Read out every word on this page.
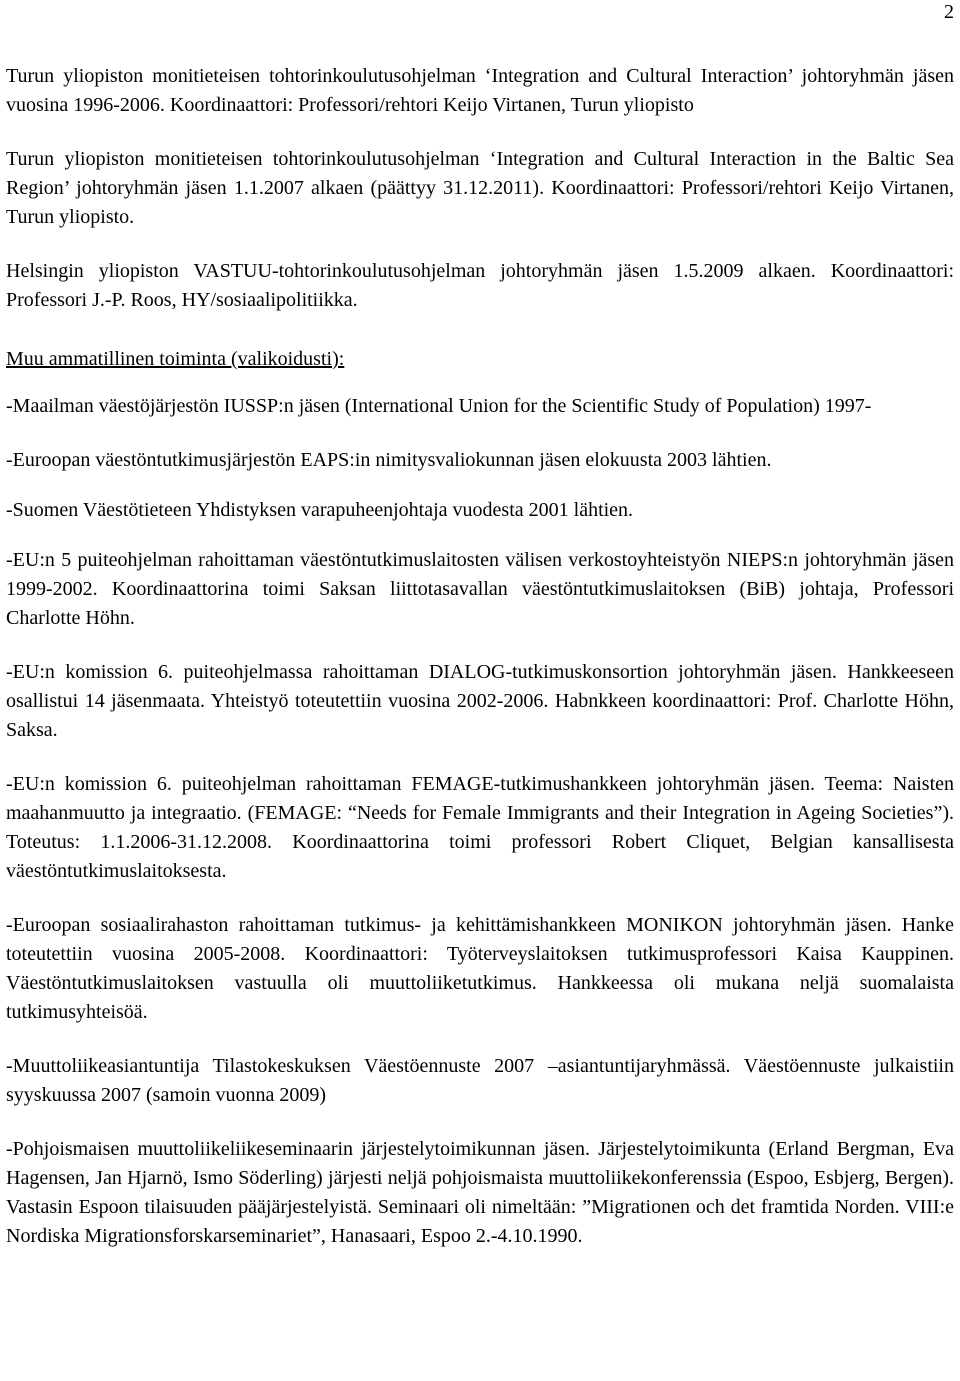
2

Turun yliopiston monitieteisen tohtorinkoulutusohjelman ‘Integration and Cultural Interaction’ johtoryhmän jäsen vuosina 1996-2006. Koordinaattori: Professori/rehtori Keijo Virtanen, Turun yliopisto

Turun yliopiston monitieteisen tohtorinkoulutusohjelman ‘Integration and Cultural Interaction in the Baltic Sea Region’ johtoryhmän jäsen 1.1.2007 alkaen (päättyy 31.12.2011). Koordinaattori: Professori/rehtori Keijo Virtanen, Turun yliopisto.

Helsingin yliopiston VASTUU-tohtorinkoulutusohjelman johtoryhmän jäsen 1.5.2009 alkaen. Koordinaattori: Professori J.-P. Roos, HY/sosiaalipolitiikka.

Muu ammatillinen toiminta (valikoidusti):

-Maailman väestöjärjestön IUSSP:n jäsen (International Union for the Scientific Study of Population) 1997-

-Euroopan väestöntutkimusjärjestön EAPS:in nimitysvaliokunnan jäsen elokuusta 2003 lähtien.

-Suomen Väestötieteen Yhdistyksen varapuheenjohtaja vuodesta 2001 lähtien.

-EU:n 5 puiteohjelman rahoittaman väestöntutkimuslaitosten välisen verkostoyhteistyön NIEPS:n johtoryhmän jäsen 1999-2002. Koordinaattorina toimi Saksan liittotasavallan väestöntutkimuslaitoksen (BiB) johtaja, Professori Charlotte Höhn.

-EU:n komission 6. puiteohjelmassa rahoittaman DIALOG-tutkimuskonsortion johtoryhmän jäsen. Hankkeeseen osallistui 14 jäsenmaata. Yhteistyö toteutettiin vuosina 2002-2006. Habnkkeen koordinaattori: Prof. Charlotte Höhn, Saksa.

-EU:n komission 6. puiteohjelman rahoittaman FEMAGE-tutkimushankkeen johtoryhmän jäsen. Teema: Naisten maahanmuutto ja integraatio. (FEMAGE: “Needs for Female Immigrants and their Integration in Ageing Societies”). Toteutus: 1.1.2006-31.12.2008. Koordinaattorina toimi professori Robert Cliquet, Belgian kansallisesta väestöntutkimuslaitoksesta.

-Euroopan sosiaalirahaston rahoittaman tutkimus- ja kehittämishankkeen MONIKON johtoryhmän jäsen. Hanke toteutettiin vuosina 2005-2008. Koordinaattori: Työterveyslaitoksen tutkimusprofessori Kaisa Kauppinen. Väestöntutkimuslaitoksen vastuulla oli muuttoliiketutkimus. Hankkeessa oli mukana neljä suomalaista tutkimusyhteisöä.

-Muuttoliikeasiantuntija Tilastokeskuksen Väestöennuste 2007 –asiantuntijaryhmässä. Väestöennuste julkaistiin syyskuussa 2007 (samoin vuonna 2009)

-Pohjoismaisen muuttoliikeliikeseminaarin järjestelytoimikunnan jäsen. Järjestelytoimikunta (Erland Bergman, Eva Hagensen, Jan Hjarnö, Ismo Söderling) järjesti neljä pohjoismaista muuttoliikekonferenssia (Espoo, Esbjerg, Bergen). Vastasin Espoon tilaisuuden pääjärjestelyistä. Seminaari oli nimeltään: ”Migrationen och det framtida Norden. VIII:e Nordiska Migrationsforskarseminariet”, Hanasaari, Espoo 2.-4.10.1990.
